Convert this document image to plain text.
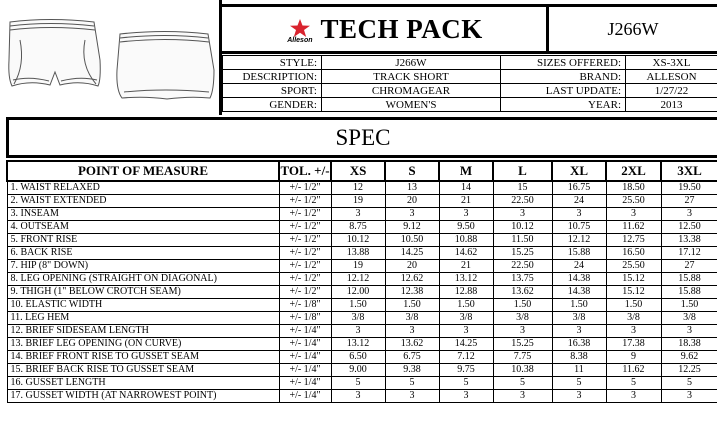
Alleson TECH PACK	J266W
STYLE:	J266W	SIZES OFFERED:	XS-3XL
DESCRIPTION:	TRACK SHORT	BRAND:	ALLESON
SPORT:	CHROMAGEAR	LAST UPDATE:	1/27/22
GENDER:	WOMEN'S	YEAR:	2013
SPEC
POINT OF MEASURE	TOL. +/-	XS	S	M	L	XL	2XL	3XL
1. WAIST RELAXED	+/- 1/2"	12	13	14	15	16.75	18.50	19.50
2. WAIST EXTENDED	+/- 1/2"	19	20	21	22.50	24	25.50	27
3. INSEAM	+/- 1/2"	3	3	3	3	3	3	3
4. OUTSEAM	+/- 1/2"	8.75	9.12	9.50	10.12	10.75	11.62	12.50
5. FRONT RISE	+/- 1/2"	10.12	10.50	10.88	11.50	12.12	12.75	13.38
6. BACK RISE	+/- 1/2"	13.88	14.25	14.62	15.25	15.88	16.50	17.12
7. HIP (8" DOWN)	+/- 1/2"	19	20	21	22.50	24	25.50	27
8. LEG OPENING (STRAIGHT ON DIAGONAL)	+/- 1/2"	12.12	12.62	13.12	13.75	14.38	15.12	15.88
9. THIGH (1" BELOW CROTCH SEAM)	+/- 1/2"	12.00	12.38	12.88	13.62	14.38	15.12	15.88
10. ELASTIC WIDTH	+/- 1/8"	1.50	1.50	1.50	1.50	1.50	1.50	1.50
11. LEG HEM	+/- 1/8"	3/8	3/8	3/8	3/8	3/8	3/8	3/8
12. BRIEF SIDESEAM LENGTH	+/- 1/4"	3	3	3	3	3	3	3
13. BRIEF LEG OPENING (ON CURVE)	+/- 1/4"	13.12	13.62	14.25	15.25	16.38	17.38	18.38
14. BRIEF FRONT RISE TO GUSSET SEAM	+/- 1/4"	6.50	6.75	7.12	7.75	8.38	9	9.62
15. BRIEF BACK RISE TO GUSSET SEAM	+/- 1/4"	9.00	9.38	9.75	10.38	11	11.62	12.25
16. GUSSET LENGTH	+/- 1/4"	5	5	5	5	5	5	5
17. GUSSET WIDTH (AT NARROWEST POINT)	+/- 1/4"	3	3	3	3	3	3	3
